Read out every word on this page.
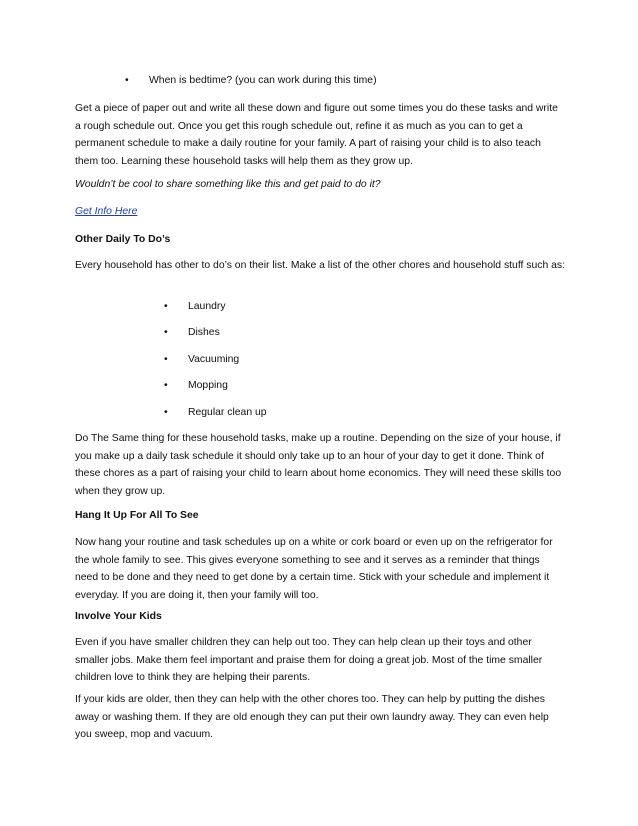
• When is bedtime? (you can work during this time)

Get a piece of paper out and write all these down and figure out some times you do these tasks and write a rough schedule out. Once you get this rough schedule out, refine it as much as you can to get a permanent schedule to make a daily routine for your family. A part of raising your child is to also teach them too. Learning these household tasks will help them as they grow up.

Wouldn’t be cool to share something like this and get paid to do it?

Get Info Here

Other Daily To Do’s

Every household has other to do’s on their list. Make a list of the other chores and household stuff such as:

• Laundry
• Dishes
• Vacuuming
• Mopping
• Regular clean up

Do The Same thing for these household tasks, make up a routine. Depending on the size of your house, if you make up a daily task schedule it should only take up to an hour of your day to get it done. Think of these chores as a part of raising your child to learn about home economics. They will need these skills too when they grow up.

Hang It Up For All To See

Now hang your routine and task schedules up on a white or cork board or even up on the refrigerator for the whole family to see. This gives everyone something to see and it serves as a reminder that things need to be done and they need to get done by a certain time. Stick with your schedule and implement it everyday. If you are doing it, then your family will too.

Involve Your Kids

Even if you have smaller children they can help out too. They can help clean up their toys and other smaller jobs. Make them feel important and praise them for doing a great job. Most of the time smaller children love to think they are helping their parents.

If your kids are older, then they can help with the other chores too. They can help by putting the dishes away or washing them. If they are old enough they can put their own laundry away. They can even help you sweep, mop and vacuum.
